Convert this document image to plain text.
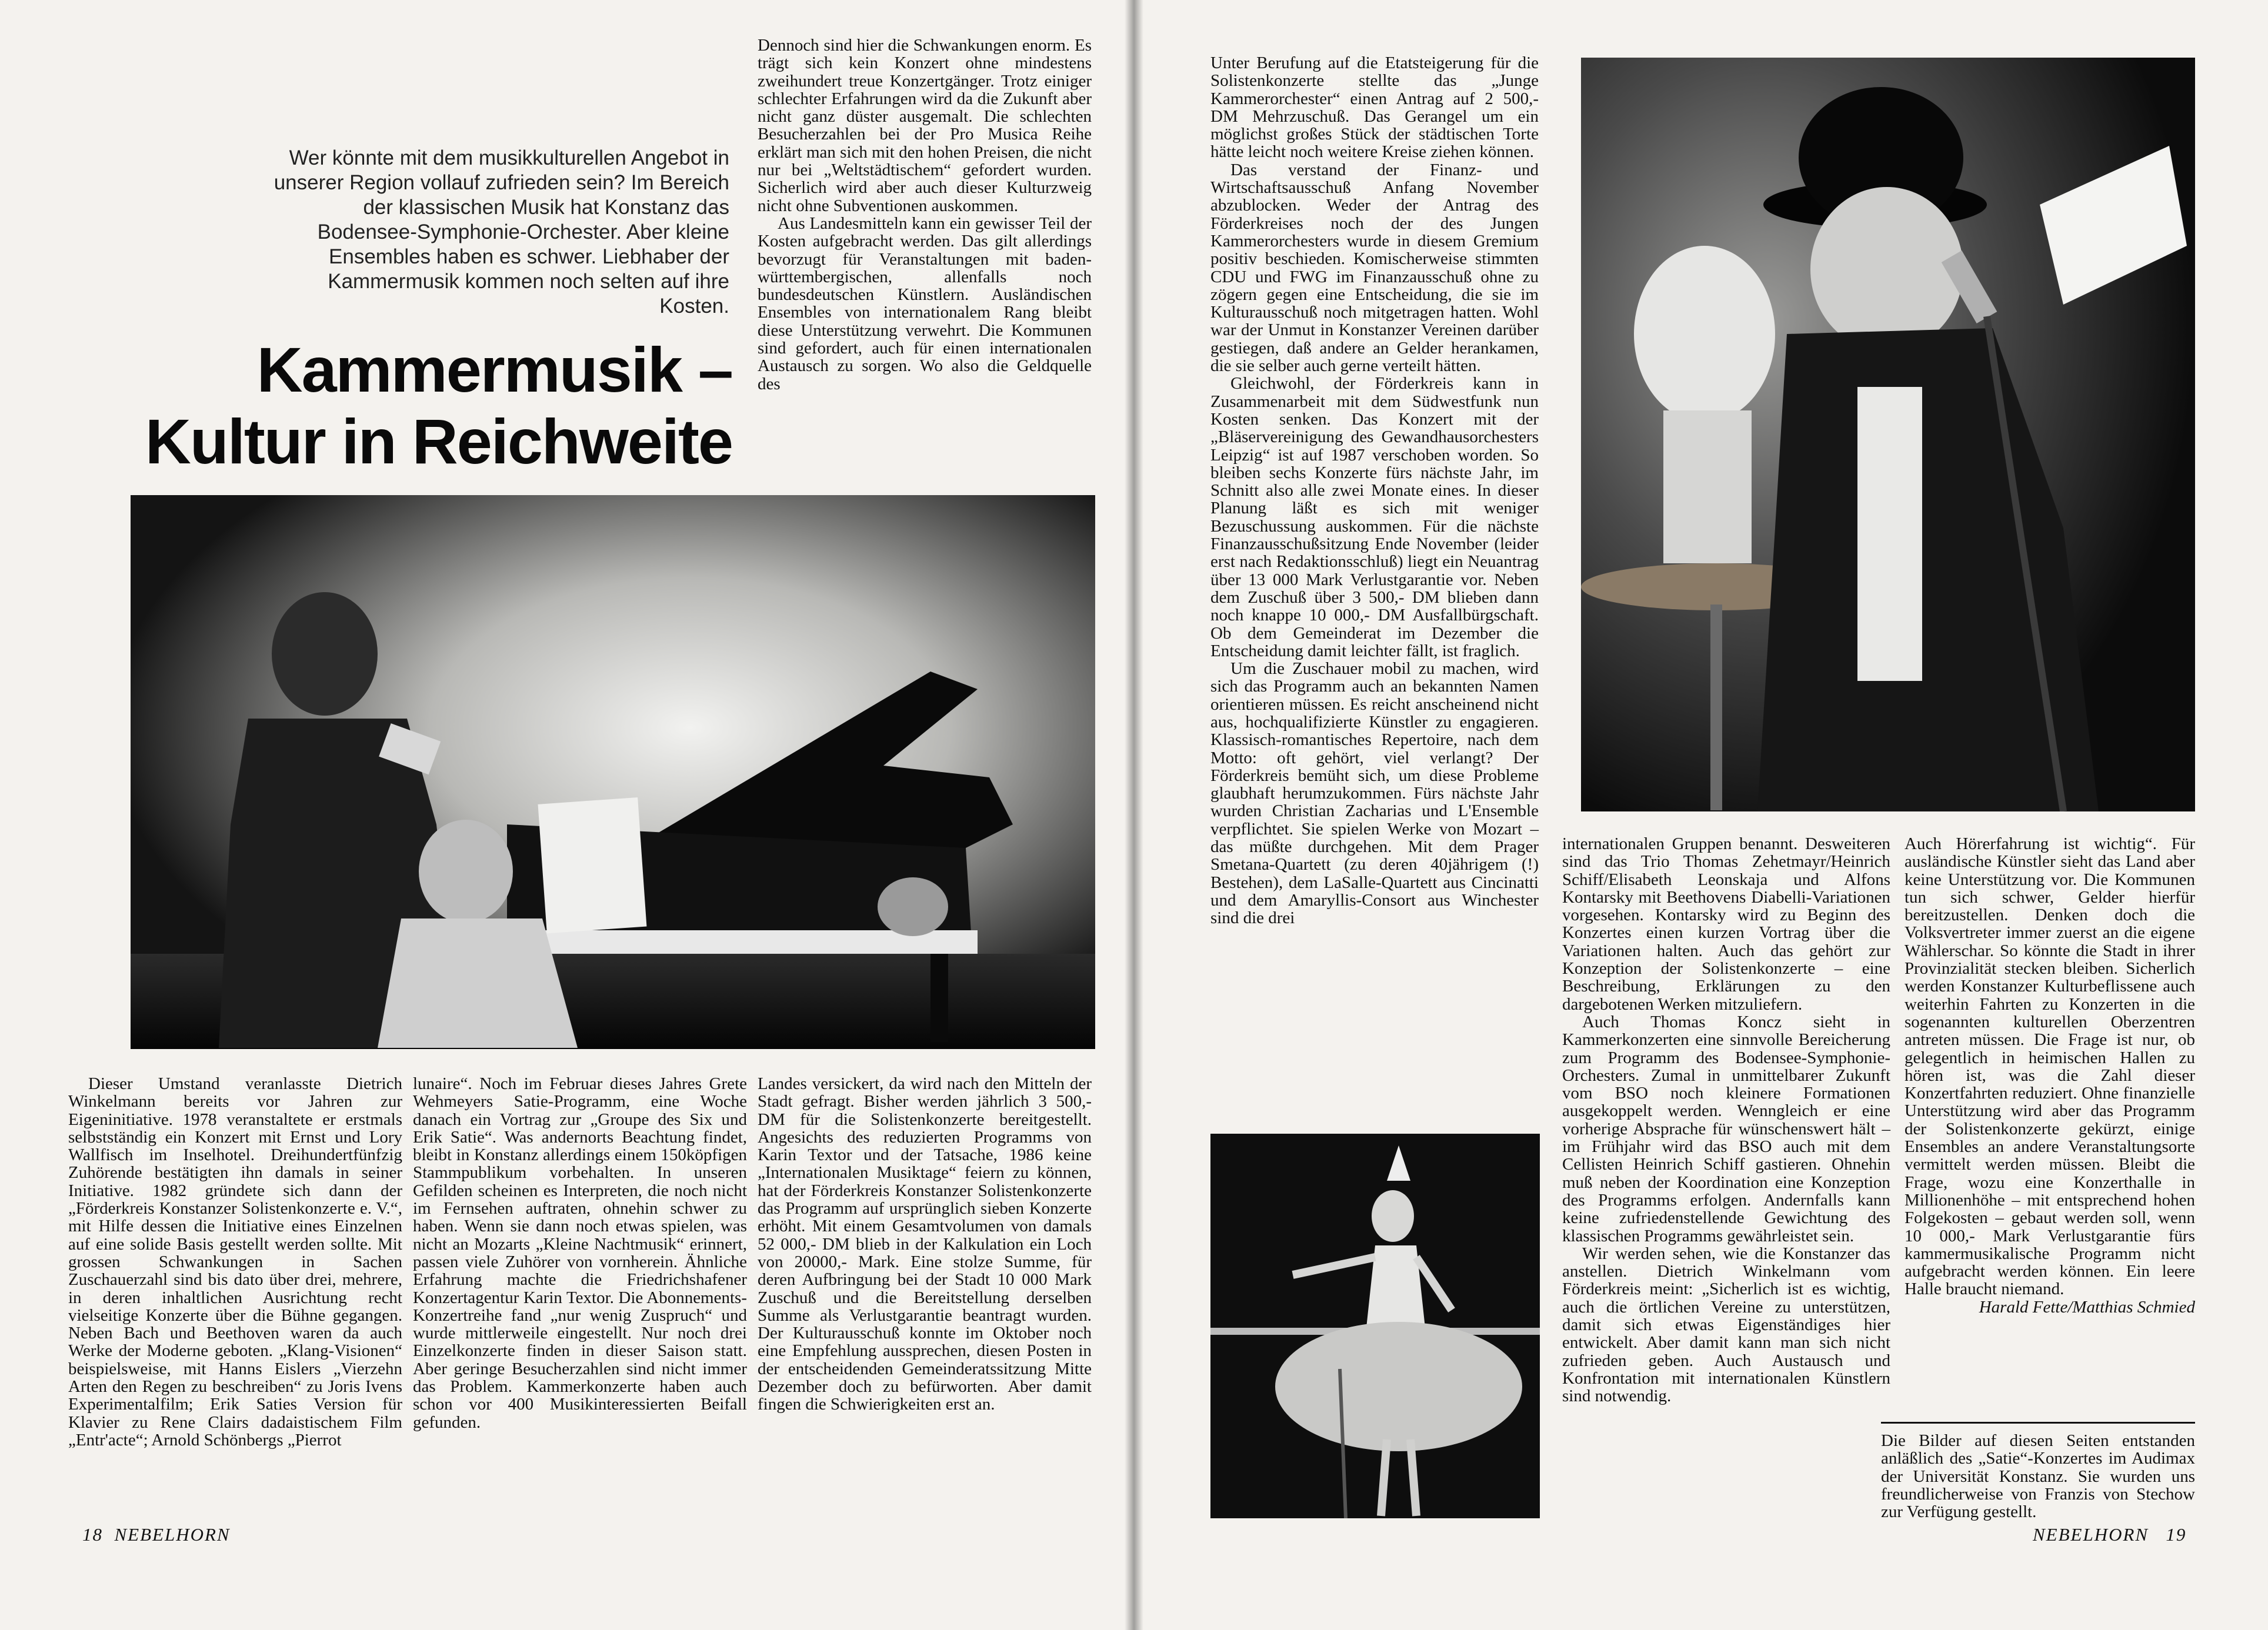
Wer könnte mit dem musikkulturellen Angebot in unserer Region vollauf zufrieden sein? Im Bereich der klassischen Musik hat Konstanz das Bodensee-Symphonie-Orchester. Aber kleine Ensembles haben es schwer. Liebhaber der Kammermusik kommen noch selten auf ihre Kosten.
Kammermusik –
Kultur in Reichweite

Dennoch sind hier die Schwankungen enorm. Es trägt sich kein Konzert ohne mindestens zweihundert treue Konzertgänger. Trotz einiger schlechter Erfahrungen wird da die Zukunft aber nicht ganz düster ausgemalt. Die schlechten Besucherzahlen bei der Pro Musica Reihe erklärt man sich mit den hohen Preisen, die nicht nur bei „Weltstädtischem“ gefordert wurden. Sicherlich wird aber auch dieser Kulturzweig nicht ohne Subventionen auskommen.

Aus Landesmitteln kann ein gewisser Teil der Kosten aufgebracht werden. Das gilt allerdings bevorzugt für Veranstaltungen mit baden-württembergischen, allenfalls noch bundesdeutschen Künstlern. Ausländischen Ensembles von internationalem Rang bleibt diese Unterstützung verwehrt. Die Kommunen sind gefordert, auch für einen internationalen Austausch zu sorgen. Wo also die Geldquelle des

Dieser Umstand veranlasste Dietrich Winkelmann bereits vor Jahren zur Eigeninitiative. 1978 veranstaltete er erstmals selbstständig ein Konzert mit Ernst und Lory Wallfisch im Inselhotel. Dreihundertfünfzig Zuhörende bestätigten ihn damals in seiner Initiative. 1982 gründete sich dann der „Förderkreis Konstanzer Solistenkonzerte e. V.“, mit Hilfe dessen die Initiative eines Einzelnen auf eine solide Basis gestellt werden sollte. Mit grossen Schwankungen in Sachen Zuschauerzahl sind bis dato über drei, mehrere, in deren inhaltlichen Ausrichtung recht vielseitige Konzerte über die Bühne gegangen. Neben Bach und Beethoven waren da auch Werke der Moderne geboten. „Klang-Visionen“ beispielsweise, mit Hanns Eislers „Vierzehn Arten den Regen zu beschreiben“ zu Joris Ivens Experimentalfilm; Erik Saties Version für Klavier zu Rene Clairs dadaistischem Film „Entr'acte“; Arnold Schönbergs „Pierrot

lunaire“. Noch im Februar dieses Jahres Grete Wehmeyers Satie-Programm, eine Woche danach ein Vortrag zur „Groupe des Six und Erik Satie“. Was andernorts Beachtung findet, bleibt in Konstanz allerdings einem 150köpfigen Stammpublikum vorbehalten. In unseren Gefilden scheinen es Interpreten, die noch nicht im Fernsehen auftraten, ohnehin schwer zu haben. Wenn sie dann noch etwas spielen, was nicht an Mozarts „Kleine Nachtmusik“ erinnert, passen viele Zuhörer von vornherein. Ähnliche Erfahrung machte die Friedrichshafener Konzertagentur Karin Textor. Die Abonnements-Konzertreihe fand „nur wenig Zuspruch“ und wurde mittlerweile eingestellt. Nur noch drei Einzelkonzerte finden in dieser Saison statt. Aber geringe Besucherzahlen sind nicht immer das Problem. Kammerkonzerte haben auch schon vor 400 Musikinteressierten Beifall gefunden.

Landes versickert, da wird nach den Mitteln der Stadt gefragt. Bisher werden jährlich 3 500,- DM für die Solistenkonzerte bereitgestellt. Angesichts des reduzierten Programms von Karin Textor und der Tatsache, 1986 keine „Internationalen Musiktage“ feiern zu können, hat der Förderkreis Konstanzer Solistenkonzerte das Programm auf ursprünglich sieben Konzerte erhöht. Mit einem Gesamtvolumen von damals 52 000,- DM blieb in der Kalkulation ein Loch von 20000,- Mark. Eine stolze Summe, für deren Aufbringung bei der Stadt 10 000 Mark Zuschuß und die Bereitstellung derselben Summe als Verlustgarantie beantragt wurden. Der Kulturausschuß konnte im Oktober noch eine Empfehlung aussprechen, diesen Posten in der entscheidenden Gemeinderatssitzung Mitte Dezember doch zu befürworten. Aber damit fingen die Schwierigkeiten erst an.

18 NEBELHORN

Unter Berufung auf die Etatsteigerung für die Solistenkonzerte stellte das „Junge Kammerorchester“ einen Antrag auf 2 500,- DM Mehrzuschuß. Das Gerangel um ein möglichst großes Stück der städtischen Torte hätte leicht noch weitere Kreise ziehen können.

Das verstand der Finanz- und Wirtschaftsausschuß Anfang November abzublocken. Weder der Antrag des Förderkreises noch der des Jungen Kammerorchesters wurde in diesem Gremium positiv beschieden. Komischerweise stimmten CDU und FWG im Finanzausschuß ohne zu zögern gegen eine Entscheidung, die sie im Kulturausschuß noch mitgetragen hatten. Wohl war der Unmut in Konstanzer Vereinen darüber gestiegen, daß andere an Gelder herankamen, die sie selber auch gerne verteilt hätten.

Gleichwohl, der Förderkreis kann in Zusammenarbeit mit dem Südwestfunk nun Kosten senken. Das Konzert mit der „Bläservereinigung des Gewandhausorchesters Leipzig“ ist auf 1987 verschoben worden. So bleiben sechs Konzerte fürs nächste Jahr, im Schnitt also alle zwei Monate eines. In dieser Planung läßt es sich mit weniger Bezuschussung auskommen. Für die nächste Finanzausschußsitzung Ende November (leider erst nach Redaktionsschluß) liegt ein Neuantrag über 13 000 Mark Verlustgarantie vor. Neben dem Zuschuß über 3 500,- DM blieben dann noch knappe 10 000,- DM Ausfallbürgschaft. Ob dem Gemeinderat im Dezember die Entscheidung damit leichter fällt, ist fraglich.

Um die Zuschauer mobil zu machen, wird sich das Programm auch an bekannten Namen orientieren müssen. Es reicht anscheinend nicht aus, hochqualifizierte Künstler zu engagieren. Klassisch-romantisches Repertoire, nach dem Motto: oft gehört, viel verlangt? Der Förderkreis bemüht sich, um diese Probleme glaubhaft herumzukommen. Fürs nächste Jahr wurden Christian Zacharias und L'Ensemble verpflichtet. Sie spielen Werke von Mozart – das müßte durchgehen. Mit dem Prager Smetana-Quartett (zu deren 40jährigem (!) Bestehen), dem LaSalle-Quartett aus Cincinatti und dem Amaryllis-Consort aus Winchester sind die drei

internationalen Gruppen benannt. Desweiteren sind das Trio Thomas Zehetmayr/Heinrich Schiff/Elisabeth Leonskaja und Alfons Kontarsky mit Beethovens Diabelli-Variationen vorgesehen. Kontarsky wird zu Beginn des Konzertes einen kurzen Vortrag über die Variationen halten. Auch das gehört zur Konzeption der Solistenkonzerte – eine Beschreibung, Erklärungen zu den dargebotenen Werken mitzuliefern.

Auch Thomas Koncz sieht in Kammerkonzerten eine sinnvolle Bereicherung zum Programm des Bodensee-Symphonie-Orchesters. Zumal in unmittelbarer Zukunft vom BSO noch kleinere Formationen ausgekoppelt werden. Wenngleich er eine vorherige Absprache für wünschenswert hält – im Frühjahr wird das BSO auch mit dem Cellisten Heinrich Schiff gastieren. Ohnehin muß neben der Koordination eine Konzeption des Programms erfolgen. Andernfalls kann keine zufriedenstellende Gewichtung des klassischen Programms gewährleistet sein.

Wir werden sehen, wie die Konstanzer das anstellen. Dietrich Winkelmann vom Förderkreis meint: „Sicherlich ist es wichtig, auch die örtlichen Vereine zu unterstützen, damit sich etwas Eigenständiges hier entwickelt. Aber damit kann man sich nicht zufrieden geben. Auch Austausch und Konfrontation mit internationalen Künstlern sind notwendig.

Auch Hörerfahrung ist wichtig“. Für ausländische Künstler sieht das Land aber keine Unterstützung vor. Die Kommunen tun sich schwer, Gelder hierfür bereitzustellen. Denken doch die Volksvertreter immer zuerst an die eigene Wählerschar. So könnte die Stadt in ihrer Provinzialität stecken bleiben. Sicherlich werden Konstanzer Kulturbeflissene auch weiterhin Fahrten zu Konzerten in die sogenannten kulturellen Oberzentren antreten müssen. Die Frage ist nur, ob gelegentlich in heimischen Hallen zu hören ist, was die Zahl dieser Konzertfahrten reduziert. Ohne finanzielle Unterstützung wird aber das Programm der Solistenkonzerte gekürzt, einige Ensembles an andere Veranstaltungsorte vermittelt werden müssen. Bleibt die Frage, wozu eine Konzerthalle in Millionenhöhe – mit entsprechend hohen Folgekosten – gebaut werden soll, wenn 10 000,- Mark Verlustgarantie fürs kammermusikalische Programm nicht aufgebracht werden können. Ein leere Halle braucht niemand.

Harald Fette/Matthias Schmied

Die Bilder auf diesen Seiten entstanden anläßlich des „Satie“-Konzertes im Audimax der Universität Konstanz. Sie wurden uns freundlicherweise von Franzis von Stechow zur Verfügung gestellt.

NEBELHORN 19
